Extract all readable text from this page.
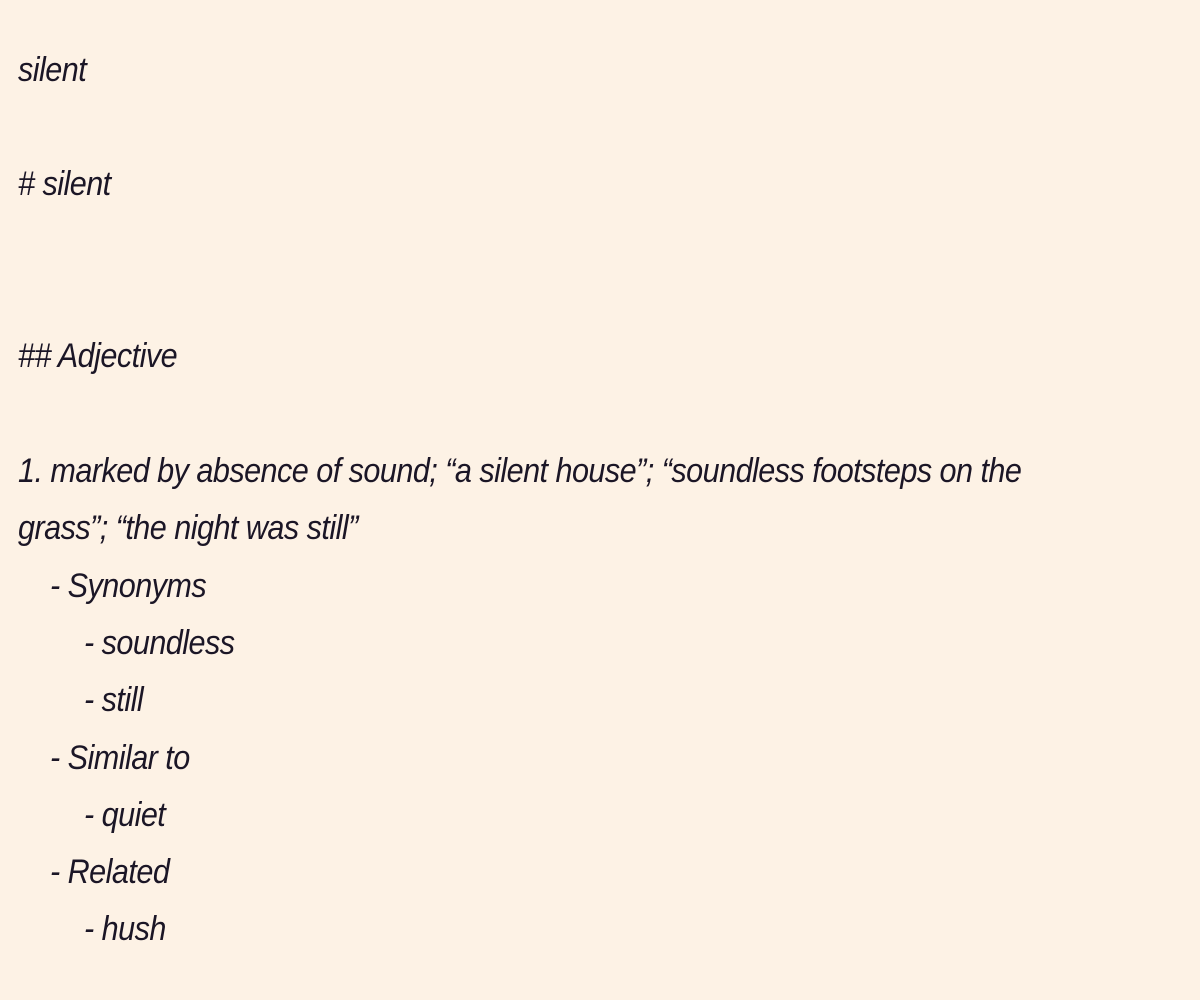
silent
# silent
## Adjective
1. marked by absence of sound; “a silent house”; “soundless footsteps on the
grass”; “the night was still”
- Synonyms
- soundless
- still
- Similar to
- quiet
- Related
- hush
